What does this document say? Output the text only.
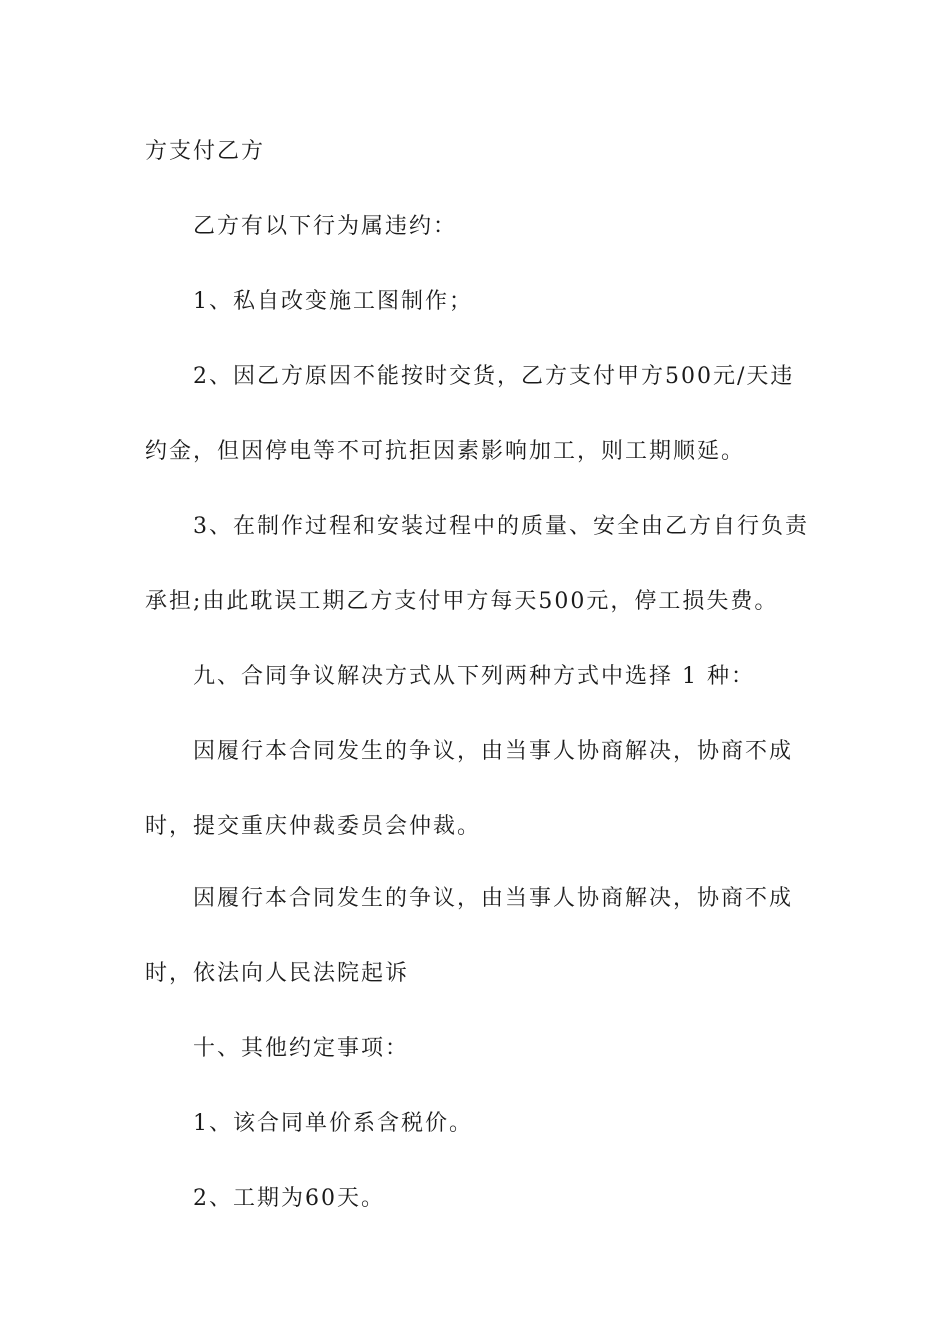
方支付乙方
乙方有以下行为属违约：
1、私自改变施工图制作；
2、因乙方原因不能按时交货，乙方支付甲方500元/天违
约金，但因停电等不可抗拒因素影响加工，则工期顺延。
3、在制作过程和安装过程中的质量、安全由乙方自行负责
承担;由此耽误工期乙方支付甲方每天500元，停工损失费。
九、合同争议解决方式从下列两种方式中选择 1 种：
因履行本合同发生的争议，由当事人协商解决，协商不成
时，提交重庆仲裁委员会仲裁。
因履行本合同发生的争议，由当事人协商解决，协商不成
时，依法向人民法院起诉
十、其他约定事项：
1、该合同单价系含税价。
2、工期为60天。
